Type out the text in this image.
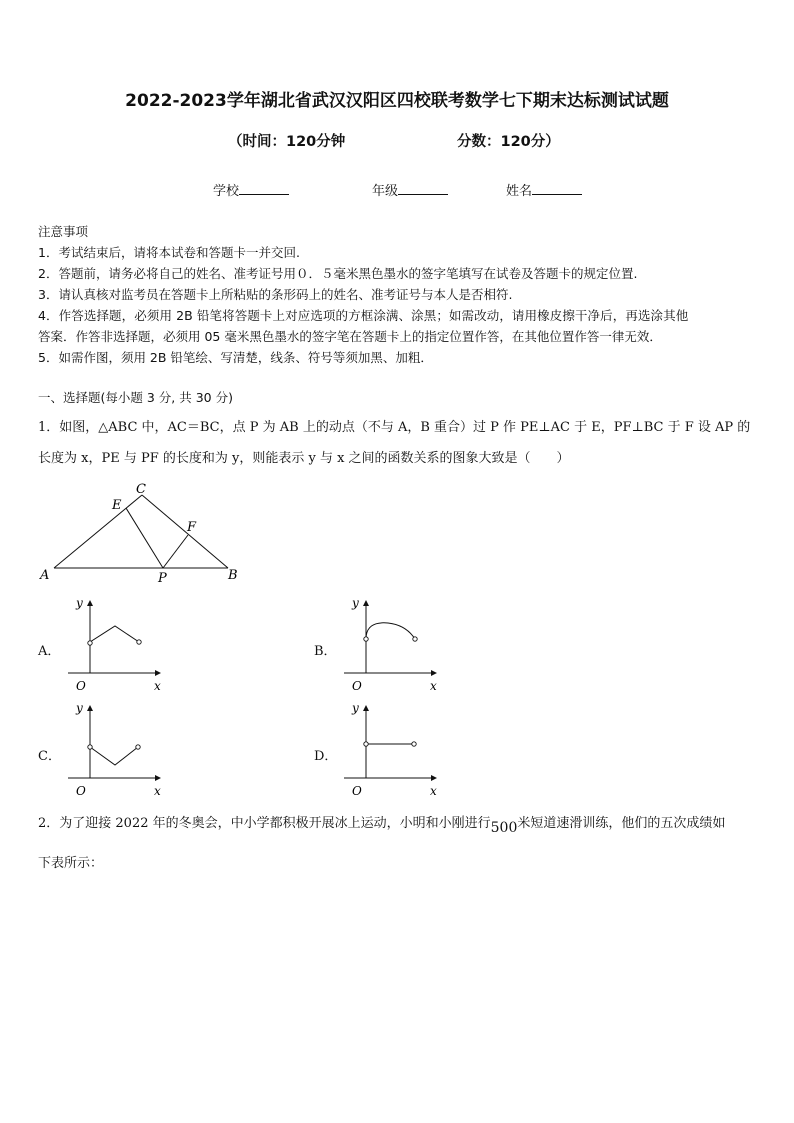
2022-2023学年湖北省武汉汉阳区四校联考数学七下期末达标测试试题
（时间：120分钟	分数：120分）
学校	年级	姓名
注意事项
1．考试结束后，请将本试卷和答题卡一并交回.
2．答题前，请务必将自己的姓名、准考证号用０．５毫米黑色墨水的签字笔填写在试卷及答题卡的规定位置.
3．请认真核对监考员在答题卡上所粘贴的条形码上的姓名、准考证号与本人是否相符.
4．作答选择题，必须用 2B 铅笔将答题卡上对应选项的方框涂满、涂黑；如需改动，请用橡皮擦干净后，再选涂其他
答案．作答非选择题，必须用 05 毫米黑色墨水的签字笔在答题卡上的指定位置作答，在其他位置作答一律无效．
5．如需作图，须用 2B 铅笔绘、写清楚，线条、符号等须加黑、加粗．
一、选择题(每小题 3 分, 共 30 分)
1．如图，△ABC 中，AC＝BC，点 P 为 AB 上的动点（不与 A，B 重合）过 P 作 PE⊥AC 于 E，PF⊥BC 于 F 设 AP 的
长度为 x，PE 与 PF 的长度和为 y，则能表示 y 与 x 之间的函数关系的图象大致是（　　）
A	B
C
E
F
P
A．
y
x
O
B．
y
x
O
C．
y
x
O
D．
y
x
O
2．为了迎接 2022 年的冬奥会，中小学都积极开展冰上运动，小明和小刚进行500米短道速滑训练，他们的五次成绩如
下表所示：
